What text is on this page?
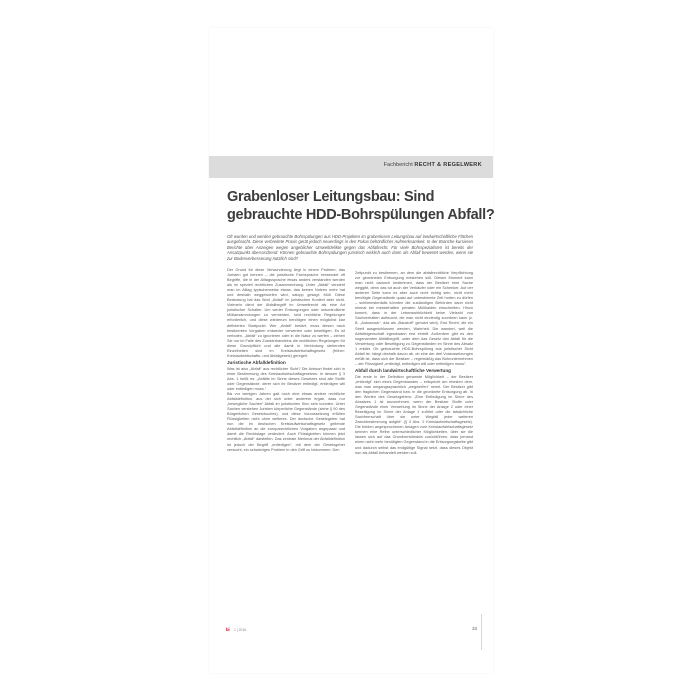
Fachbericht RECHT & REGELWERK
Grabenloser Leitungsbau: Sind
gebrauchte HDD-Bohrspülungen Abfall?
Oft wurden und werden gebrauchte Bohrspülungen aus HDD-Projekten im grabenlosen Leitungsbau auf landwirtschaftliche Flächen ausgebracht. Diese verbreitete Praxis gerät jedoch neuerdings in den Fokus behördlicher Aufmerksamkeit. In der Branche kursieren Berichte über Anzeigen wegen angeblicher Umweltdelikte gegen das Abfallrecht. Für viele Bohrspezialisten ist bereits der Ansatzpunkt überraschend: Können gebrauchte Bohrspülungen juristisch wirklich auch dann als Abfall bewertet werden, wenn sie zur Bodenverbesserung nützlich sind?

Der Grund für diese Verwunderung liegt in einem Problem, das Juristen gut kennen – die juristische Fachsprache verwendet oft Begriffe, die in der Alltagssprache etwas anders verstanden werden als im speziell rechtlichen Zusammenhang. Unter „Abfall“ versteht man im Alltag typischerweise etwas, das keinen Nutzen mehr hat und deshalb weggeworfen wird, salopp gesagt: Müll. Diese Bedeutung hat das Wort „Abfall“ im juristischen Kontext aber nicht. Vielmehr dient der Abfallbegriff im Umweltrecht als eine Art juristischer Schalter. Um weder Entsorgungen oder unkontrollierte Müllansammlungen zu vermeiden, sind rechtliche Regelungen erforderlich, und diese wiederum benötigen einen möglichst klar definierten Startpunkt. Wer „Abfall“ besitzt, muss diesen nach bestimmten Vorgaben entweder verwerten oder beseitigen. Es ist verboten, „Abfall“ zu ignorieren oder in die Natur zu werfen – ziehen Sie nur im Falle des Zuwiderhandelns die rechtlichen Regelungen für diese Grundpflicht und alle damit in Verbindung stehenden Einzelheiten sind im Kreislaufwirtschaftsgesetz (früher: Kreislaufwirtschafts- und Abfallgesetz) geregelt.

Juristische Abfalldefinition

Was ist also „Abfall“ aus rechtlicher Sicht? Die Antwort findet sich in einer Bestimmung des Kreislaufwirtschaftsgesetzes. In dessen § 3 Abs. 1 heißt es: „Abfälle im Sinne dieses Gesetzes sind alle Stoffe oder Gegenstände, derer sich ihr Besitzer entledigt, entledigen will oder entledigen muss.“

Bis vor wenigen Jahren galt noch eine etwas andere rechtliche Abfalldefinition, aus der sich unter anderem ergab, dass nur „bewegliche Sachen“ Abfall im juristischen Sinn sein konnten. Unter Sachen verstehen Juristen körperliche Gegenstände (siehe § 90 des Bürgerlichen Gesetzbuches), und diese Voraussetzung erfüllen Flüssigkeiten nicht ohne weiteres. Der deutsche Gesetzgeber hat nun die im deutschen Kreislaufwirtschaftsgesetz geltende Abfalldefinition an die europarechtlichen Vorgaben angepasst und damit die Rechtslage verändert. Auch Flüssigkeiten können jetzt rechtlich „Abfall“ darstellen. Das zentrale Merkmal der Abfalldefinition ist jedoch der Begriff „entledigen“, mit dem der Gesetzgeber versucht, ein schwieriges Problem in den Griff zu bekommen: Den

Zeitpunkt zu bestimmen, an dem die abfallrechtliche Verpflichtung zur geordneten Entsorgung entstehen soll. Diesen Moment kann man nicht dadurch bestimmen, dass der Besitzer eine Sache weggibt, denn das tut auch der Verkäufer oder ein Schenker. Auf der anderen Seite kann es aber auch nicht richtig sein, nicht mehr benötigte Gegenstände quasi auf unbestimmte Zeit horten zu dürfen – schlimmstenfalls könnten die zuständigen Behörden dann nicht einmal bei messiehaften privaten Müllhalden einschreiten. Hinzu kommt, dass in der Lebenswirklichkeit keine Vielzahl von Sachverhalten auftaucht, die man nicht eindeutig zuordnen kann (z. B. „Autowrack“, das als „Baustoff“ genutzt wird). Erst Recht, die ein Streit ausgeschlossen werden, Wahrheit. Die wandert, weil die Abfalleigenschaft irgendwann erst eintritt. Außerdem gibt es den sogenannten Abfallbegriff, unter dem das Gesetz den Abfall für die Verwertung oder Beseitigung zu Gegenständen im Sinne des Absatz 1 erklärt. Ob gebrauchte HDD-Bohrspülung aus juristischer Sicht Abfall ist, hängt deshalb davon ab, ob eine der drei Voraussetzungen erfüllt ist, dass sich der Besitzer – regelmäßig das Bohrunternehmen – der Flüssigkeit „entledigt, entledigen will oder entledigen muss“.

Abfall durch landwirtschaftliche Verwertung

Die erste in der Definition genannte Möglichkeit – der Besitzer „entledigt“ sich eines Gegenstandes – entspricht am ehesten dem, was man umgangssprachlich „wegwerfen“ nennt. Der Besitzer gibt den fraglichen Gegenstand bzw. in die geordnete Entsorgung ab. In den Worten des Gesetzgebers: „Eine Entledigung im Sinne des Absatzes 1 ist anzunehmen, wenn der Besitzer Stoffe oder Gegenstände einer Verwertung im Sinne der Anlage 2 oder einer Beseitigung im Sinne der Anlage 1 zuführt oder die tatsächliche Sachherrschaft über sie unter Wegfall jeder weiteren Zweckbestimmung aufgibt“ (§ 3 Abs. 2 Kreislaufwirtschaftsgesetz). Die beiden angesprochenen Anlagen zum Kreislaufwirtschaftsgesetz kennen eine Reihe unterschiedlicher Möglichkeiten, über sie die lassen sich auf das Grundverständnis zurückführen, dass jemand einen nicht mehr benötigten Gegenstand in die Entsorgungskette gibt und dadurch selbst das endgültige Signal setzt, dass dieses Objekt nun als Abfall behandelt werden soll.

bi 1 | 2016	33
